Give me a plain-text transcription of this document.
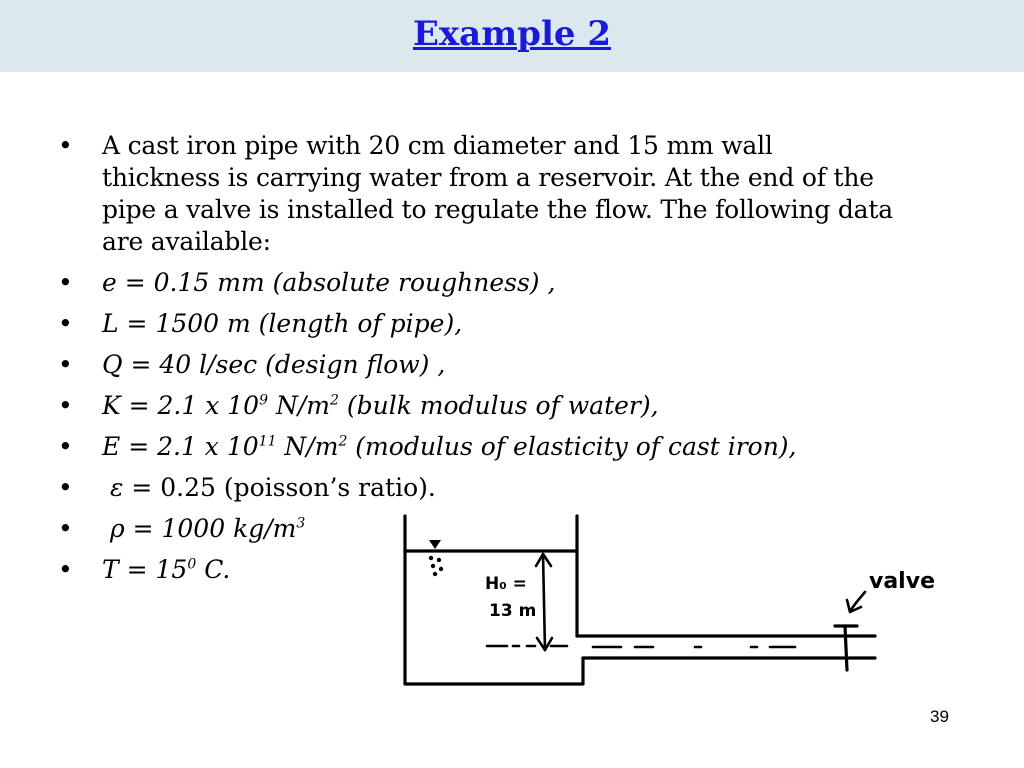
Example 2
• A cast iron pipe with 20 cm diameter and 15 mm wall thickness is carrying water from a reservoir. At the end of the pipe a valve is installed to regulate the flow. The following data are available:
• e = 0.15 mm (absolute roughness) ,
• L = 1500 m (length of pipe),
• Q = 40 l/sec (design flow) ,
• K = 2.1 x $10^9$ $N/m^2$ (bulk modulus of water),
• E = 2.1 x $10^{11}$ $N/m^2$ (modulus of elasticity of cast iron),
• ε = 0.25 (poisson’s ratio).
• ρ = 1000 $kg/m^3$
• $T = 15^0$ C.	H₀ =
13 m
valve
39
